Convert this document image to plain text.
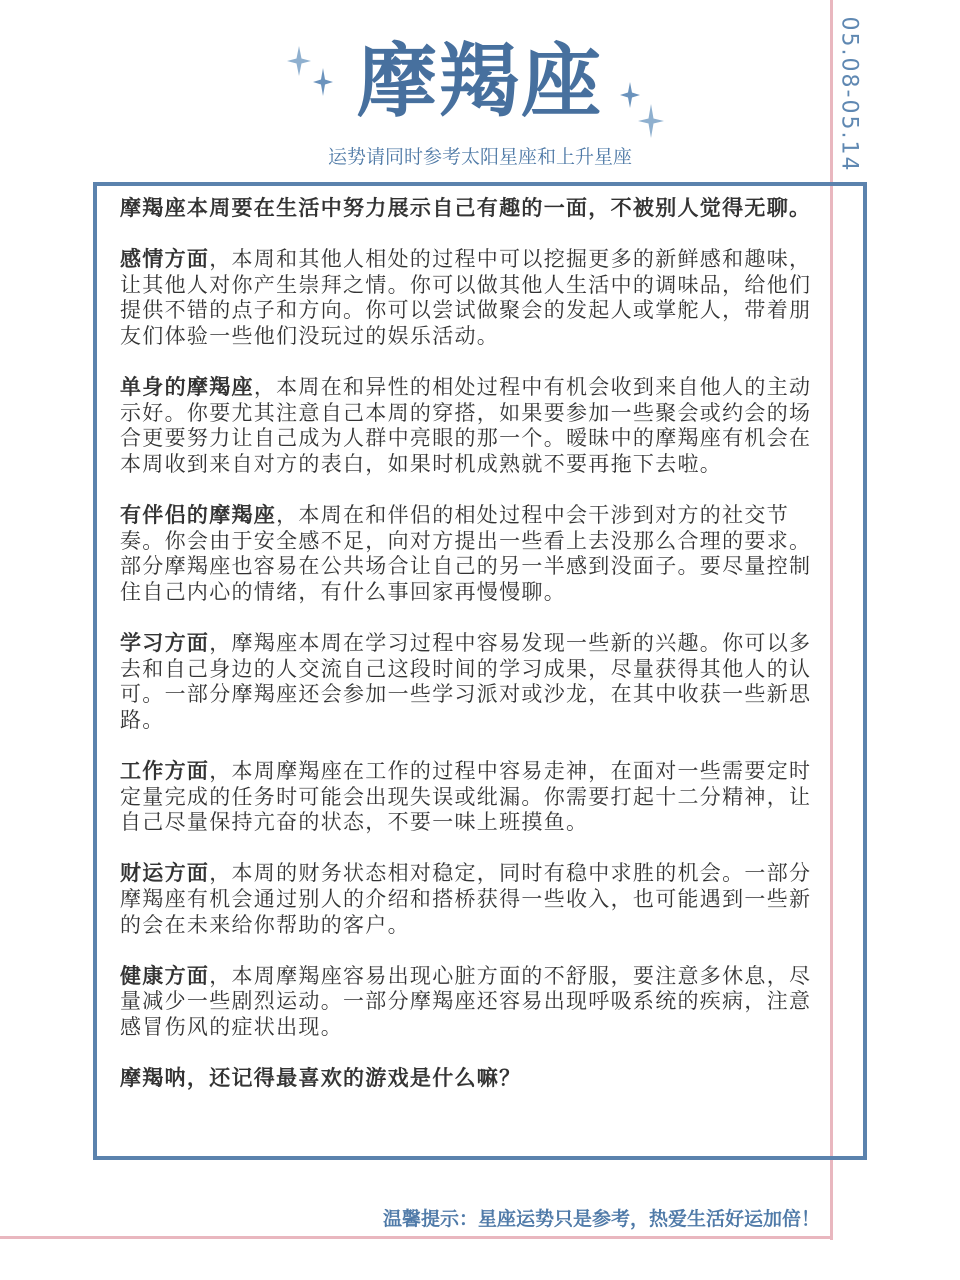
05.08-05.14
摩羯座
运势请同时参考太阳星座和上升星座

摩羯座本周要在生活中努力展示自己有趣的一面，不被别人觉得无聊。

感情方面，本周和其他人相处的过程中可以挖掘更多的新鲜感和趣味，让其他人对你产生崇拜之情。你可以做其他人生活中的调味品，给他们提供不错的点子和方向。你可以尝试做聚会的发起人或掌舵人，带着朋友们体验一些他们没玩过的娱乐活动。

单身的摩羯座，本周在和异性的相处过程中有机会收到来自他人的主动示好。你要尤其注意自己本周的穿搭，如果要参加一些聚会或约会的场合更要努力让自己成为人群中亮眼的那一个。暧昧中的摩羯座有机会在本周收到来自对方的表白，如果时机成熟就不要再拖下去啦。

有伴侣的摩羯座，本周在和伴侣的相处过程中会干涉到对方的社交节奏。你会由于安全感不足，向对方提出一些看上去没那么合理的要求。部分摩羯座也容易在公共场合让自己的另一半感到没面子。要尽量控制住自己内心的情绪，有什么事回家再慢慢聊。

学习方面，摩羯座本周在学习过程中容易发现一些新的兴趣。你可以多去和自己身边的人交流自己这段时间的学习成果，尽量获得其他人的认可。一部分摩羯座还会参加一些学习派对或沙龙，在其中收获一些新思路。

工作方面，本周摩羯座在工作的过程中容易走神，在面对一些需要定时定量完成的任务时可能会出现失误或纰漏。你需要打起十二分精神，让自己尽量保持亢奋的状态，不要一味上班摸鱼。

财运方面，本周的财务状态相对稳定，同时有稳中求胜的机会。一部分摩羯座有机会通过别人的介绍和搭桥获得一些收入，也可能遇到一些新的会在未来给你帮助的客户。

健康方面，本周摩羯座容易出现心脏方面的不舒服，要注意多休息，尽量减少一些剧烈运动。一部分摩羯座还容易出现呼吸系统的疾病，注意感冒伤风的症状出现。

摩羯呐，还记得最喜欢的游戏是什么嘛？

温馨提示：星座运势只是参考，热爱生活好运加倍！
